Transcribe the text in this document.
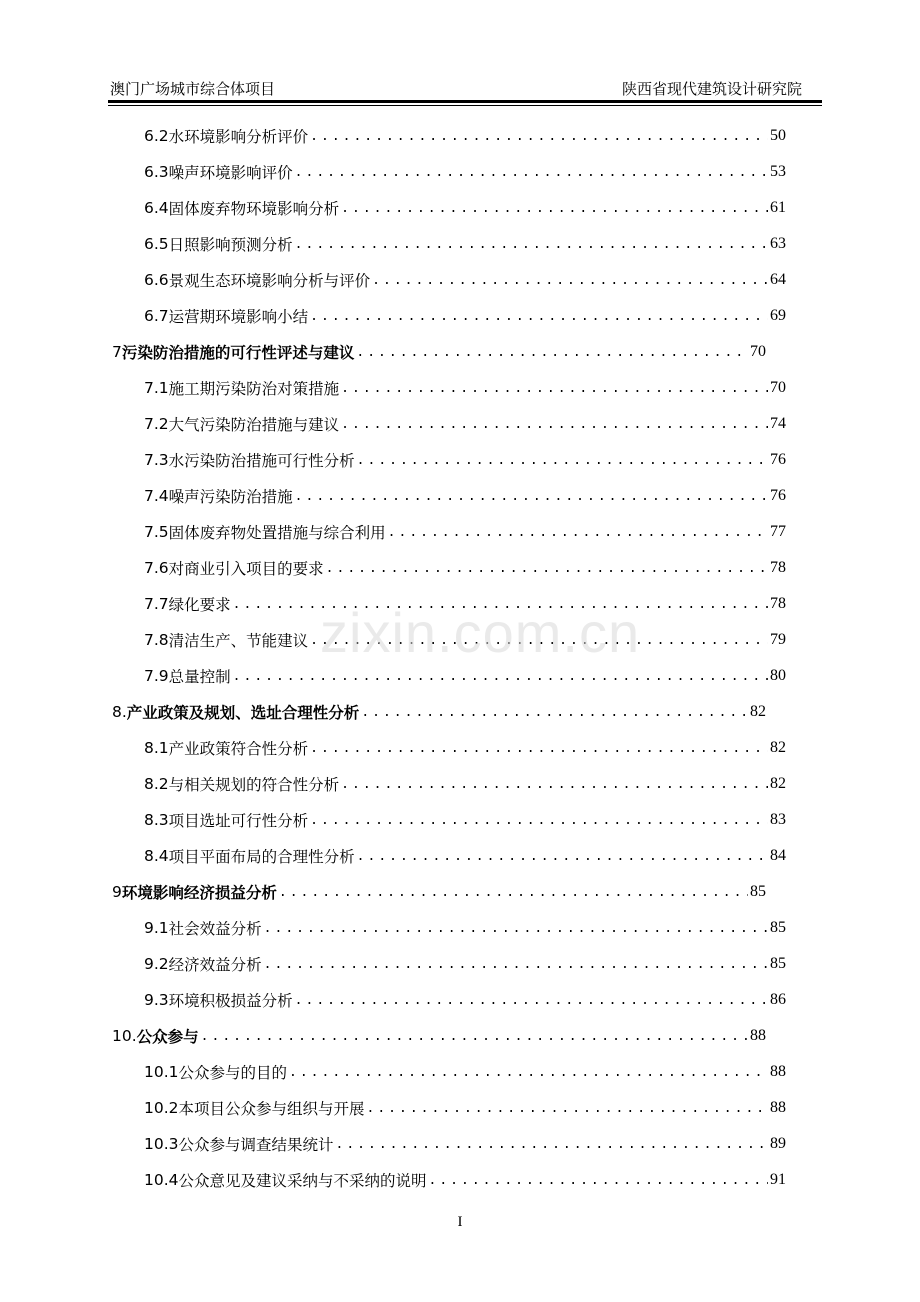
澳门广场城市综合体项目	陕西省现代建筑设计研究院
6.2 水环境影响分析评价 .....	50
6.3 噪声环境影响评价 .....	53
6.4 固体废弃物环境影响分析 .....	61
6.5 日照影响预测分析 .....	63
6.6 景观生态环境影响分析与评价 .....	64
6.7 运营期环境影响小结 .....	69
7 污染防治措施的可行性评述与建议 .....	70
7.1 施工期污染防治对策措施 .....	70
7.2 大气污染防治措施与建议 .....	74
7.3 水污染防治措施可行性分析 .....	76
7.4 噪声污染防治措施 .....	76
7.5 固体废弃物处置措施与综合利用 .....	77
7.6 对商业引入项目的要求 .....	78
7.7 绿化要求 .....	78
7.8 清洁生产、节能建议 .....	79
7.9 总量控制 .....	80
8. 产业政策及规划、选址合理性分析 .....	82
8.1 产业政策符合性分析 .....	82
8.2 与相关规划的符合性分析 .....	82
8.3 项目选址可行性分析 .....	83
8.4 项目平面布局的合理性分析 .....	84
9 环境影响经济损益分析 .....	85
9.1 社会效益分析 .....	85
9.2 经济效益分析 .....	85
9.3 环境积极损益分析 .....	86
10. 公众参与 .....	88
10.1 公众参与的目的 .....	88
10.2 本项目公众参与组织与开展 .....	88
10.3 公众参与调查结果统计 .....	89
10.4 公众意见及建议采纳与不采纳的说明 .....	91
zixin.com.cn
I
